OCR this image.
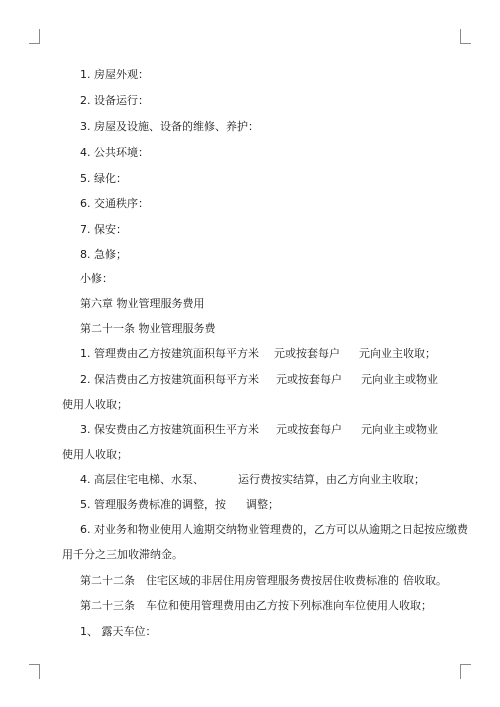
1. 房屋外观：
2. 设备运行：
3. 房屋及设施、设备的维修、养护：
4. 公共环境：
5. 绿化：
6. 交通秩序：
7. 保安：
8. 急修；
小修：
第六章 物业管理服务费用
第二十一条 物业管理服务费
1. 管理费由乙方按建筑面积每平方米 元或按套每户 元向业主收取；
2. 保洁费由乙方按建筑面积每平方米 元或按套每户 元向业主或物业
使用人收取；
3. 保安费由乙方按建筑面积生平方米 元或按套每户 元向业主或物业
使用人收取；
4. 高层住宅电梯、水泵、	运行费按实结算，由乙方向业主收取；
5. 管理服务费标准的调整，按 调整；
6. 对业务和物业使用人逾期交纳物业管理费的，乙方可以从逾期之日起按应缴费
用千分之三加收滞纳金。
第二十二条　住宅区域的非居住用房管理服务费按居住收费标准的 倍收取。
第二十三条　车位和使用管理费用由乙方按下列标准向车位使用人收取；
1、 露天车位：
